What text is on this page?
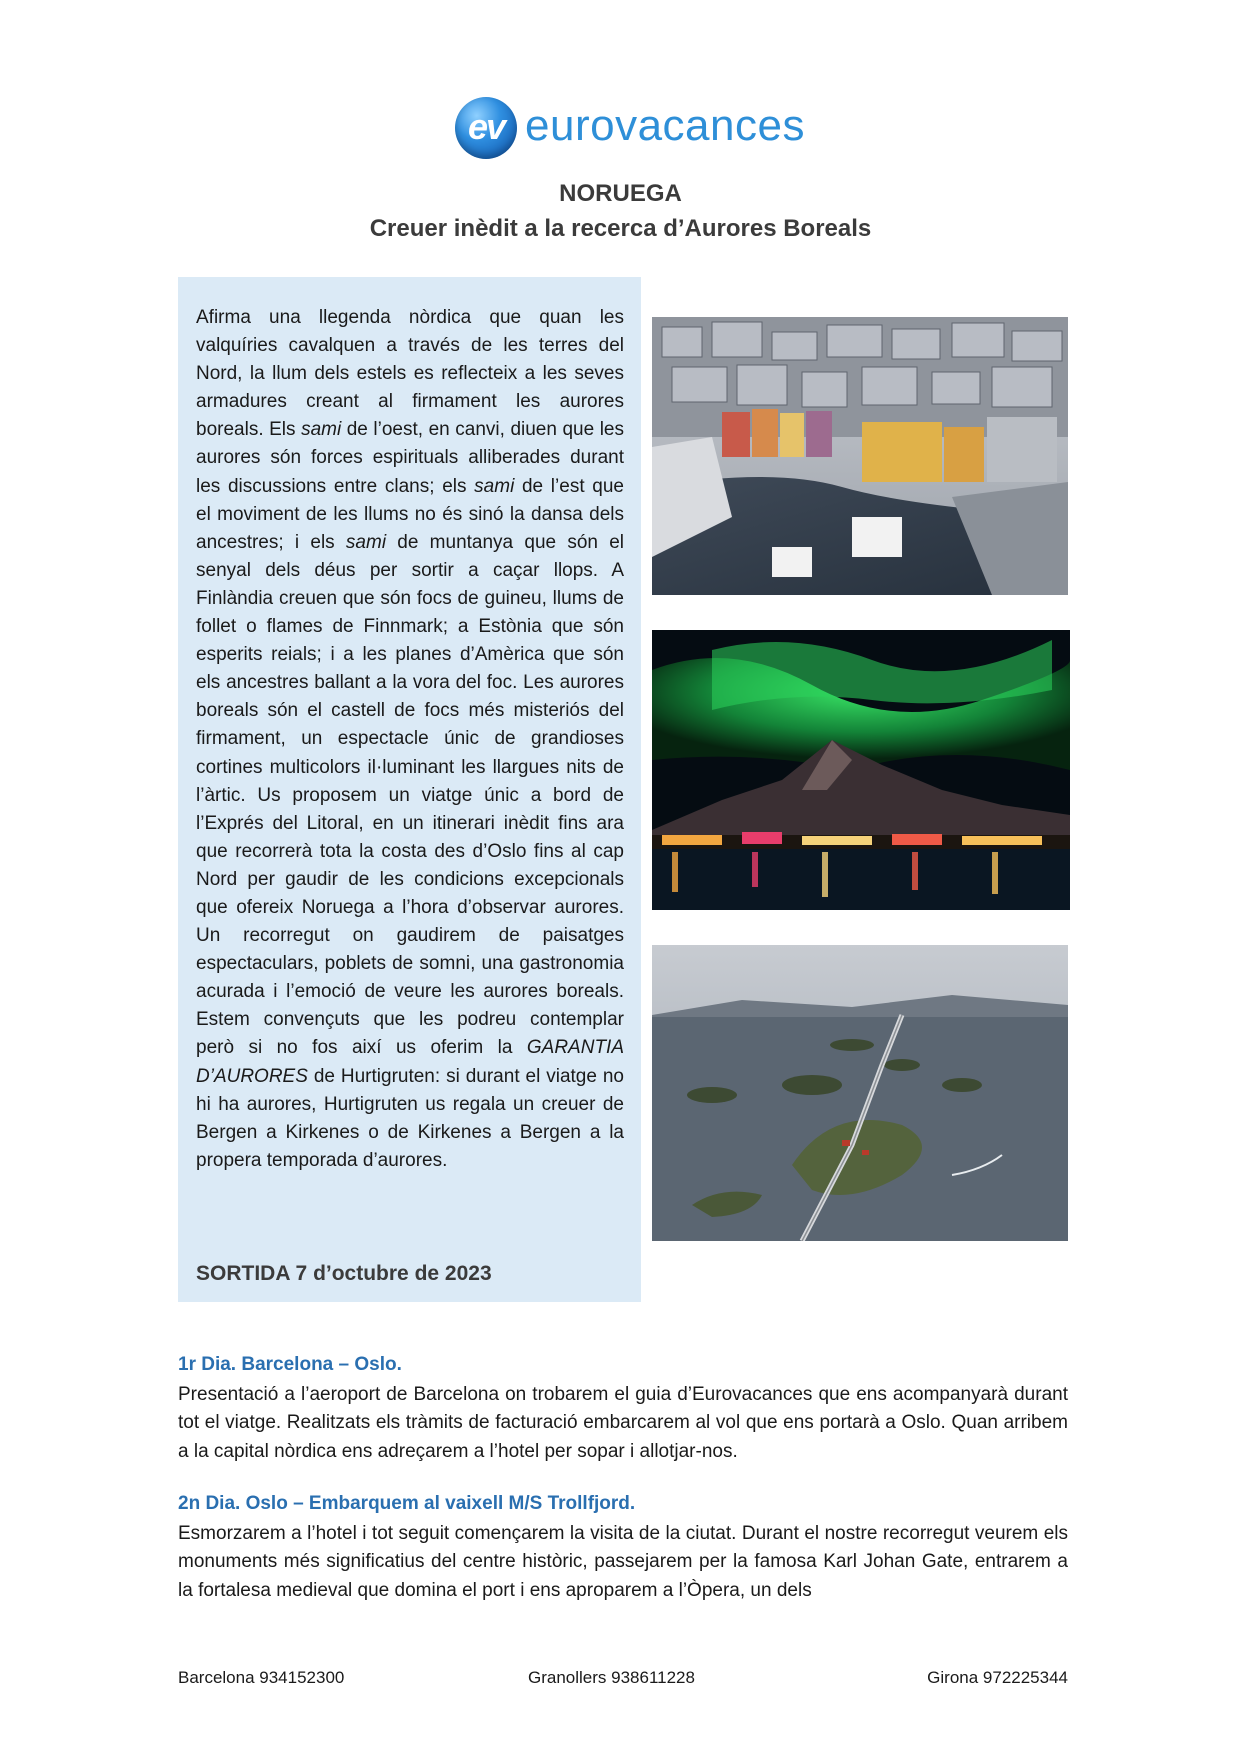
ev eurovacances
NORUEGA
Creuer inèdit a la recerca d’Aurores Boreals
Afirma una llegenda nòrdica que quan les valquíries cavalquen a través de les terres del Nord, la llum dels estels es reflecteix a les seves armadures creant al firmament les aurores boreals. Els sami de l’oest, en canvi, diuen que les aurores són forces espirituals alliberades durant les discussions entre clans; els sami de l’est que el moviment de les llums no és sinó la dansa dels ancestres; i els sami de muntanya que són el senyal dels déus per sortir a caçar llops. A Finlàndia creuen que són focs de guineu, llums de follet o flames de Finnmark; a Estònia que són esperits reials; i a les planes d’Amèrica que són els ancestres ballant a la vora del foc. Les aurores boreals són el castell de focs més misteriós del firmament, un espectacle únic de grandioses cortines multicolors il·luminant les llargues nits de l’àrtic. Us proposem un viatge únic a bord de l’Exprés del Litoral, en un itinerari inèdit fins ara que recorrerà tota la costa des d’Oslo fins al cap Nord per gaudir de les condicions excepcionals que ofereix Noruega a l’hora d’observar aurores. Un recorregut on gaudirem de paisatges espectaculars, poblets de somni, una gastronomia acurada i l’emoció de veure les aurores boreals. Estem convençuts que les podreu contemplar però si no fos així us oferim la GARANTIA D’AURORES de Hurtigruten: si durant el viatge no hi ha aurores, Hurtigruten us regala un creuer de Bergen a Kirkenes o de Kirkenes a Bergen a la propera temporada d’aurores.
SORTIDA 7 d’octubre de 2023
1r Dia. Barcelona – Oslo.
Presentació a l’aeroport de Barcelona on trobarem el guia d’Eurovacances que ens acompanyarà durant tot el viatge. Realitzats els tràmits de facturació embarcarem al vol que ens portarà a Oslo. Quan arribem a la capital nòrdica ens adreçarem a l’hotel per sopar i allotjar-nos.
2n Dia. Oslo – Embarquem al vaixell M/S Trollfjord.
Esmorzarem a l’hotel i tot seguit començarem la visita de la ciutat. Durant el nostre recorregut veurem els monuments més significatius del centre històric, passejarem per la famosa Karl Johan Gate, entrarem a la fortalesa medieval que domina el port i ens aproparem a l’Òpera, un dels
Barcelona 934152300	Granollers 938611228	Girona 972225344
